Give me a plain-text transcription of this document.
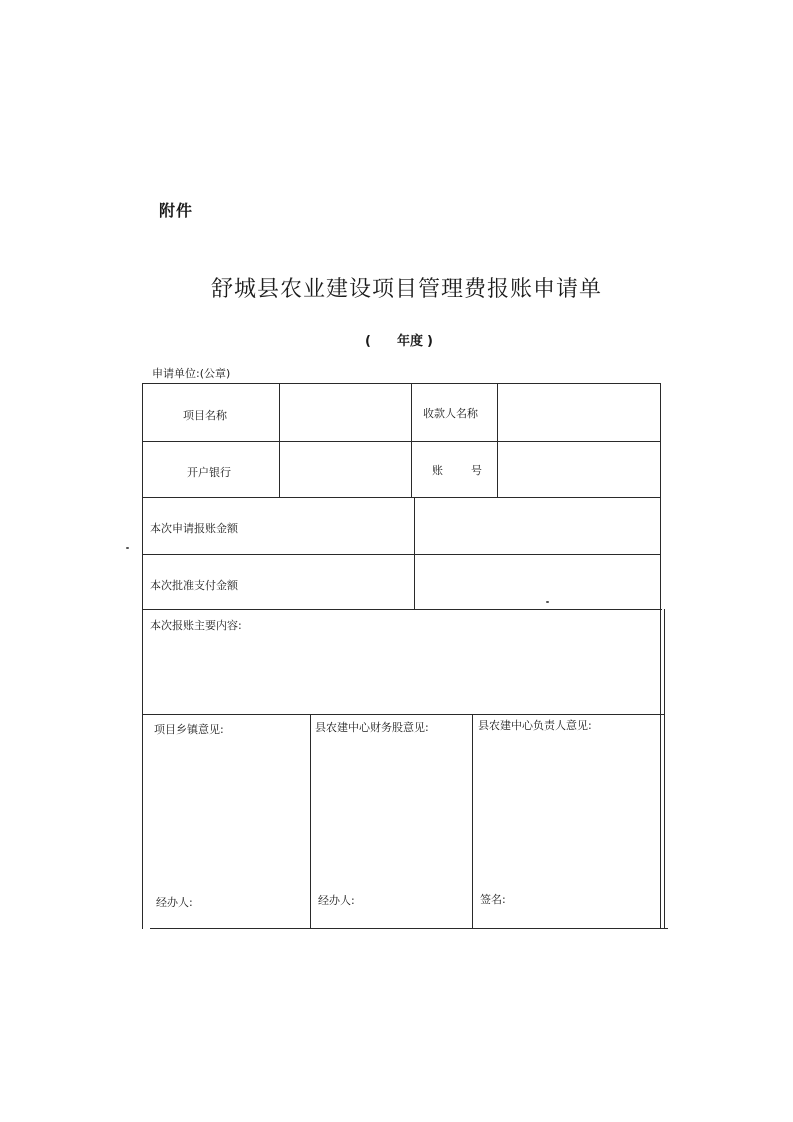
附件
舒城县农业建设项目管理费报账申请单
( 年度 )
申请单位:(公章)
项目名称	收款人名称
开户银行	账号
本次申请报账金额
本次批准支付金额
本次报账主要内容:
项目乡镇意见:	县农建中心财务股意见:	县农建中心负责人意见:
经办人:	经办人:	签名:
